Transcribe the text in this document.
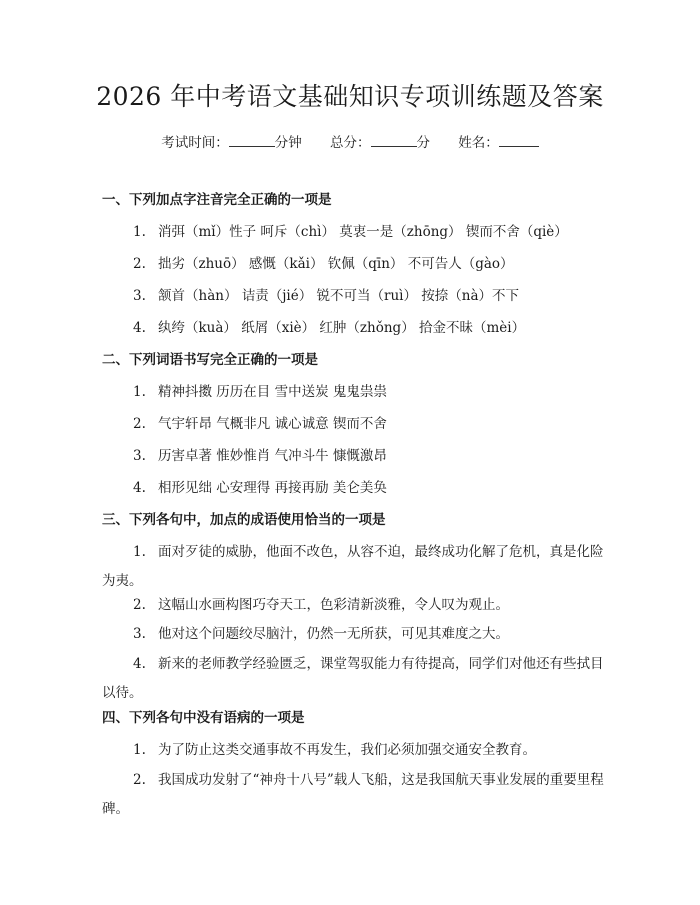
2026 年中考语文基础知识专项训练题及答案
考试时间：	分钟 总分：	分 姓名：
一、下列加点字注音完全正确的一项是
1. 消弭（mǐ）性子 呵斥（chì） 莫衷一是（zhōng） 锲而不舍（qiè）
2. 拙劣（zhuō） 感慨（kǎi） 钦佩（qīn） 不可告人（gào）
3. 颔首（hàn） 诘责（jié） 锐不可当（ruì） 按捺（nà）不下
4. 纨绔（kuà） 纸屑（xiè） 红肿（zhǒng） 拾金不昧（mèi）
二、下列词语书写完全正确的一项是
1. 精神抖擞 历历在目 雪中送炭 鬼鬼祟祟
2. 气宇轩昂 气概非凡 诚心诚意 锲而不舍
3. 历害卓著 惟妙惟肖 气冲斗牛 慷慨激昂
4. 相形见绌 心安理得 再接再励 美仑美奂
三、下列各句中，加点的成语使用恰当的一项是
1. 面对歹徒的威胁，他面不改色，从容不迫，最终成功化解了危机，真是化险为夷。
2. 这幅山水画构图巧夺天工，色彩清新淡雅，令人叹为观止。
3. 他对这个问题绞尽脑汁，仍然一无所获，可见其难度之大。
4. 新来的老师教学经验匮乏，课堂驾驭能力有待提高，同学们对他还有些拭目以待。
四、下列各句中没有语病的一项是
1. 为了防止这类交通事故不再发生，我们必须加强交通安全教育。
2. 我国成功发射了“神舟十八号”载人飞船，这是我国航天事业发展的重要里程碑。
